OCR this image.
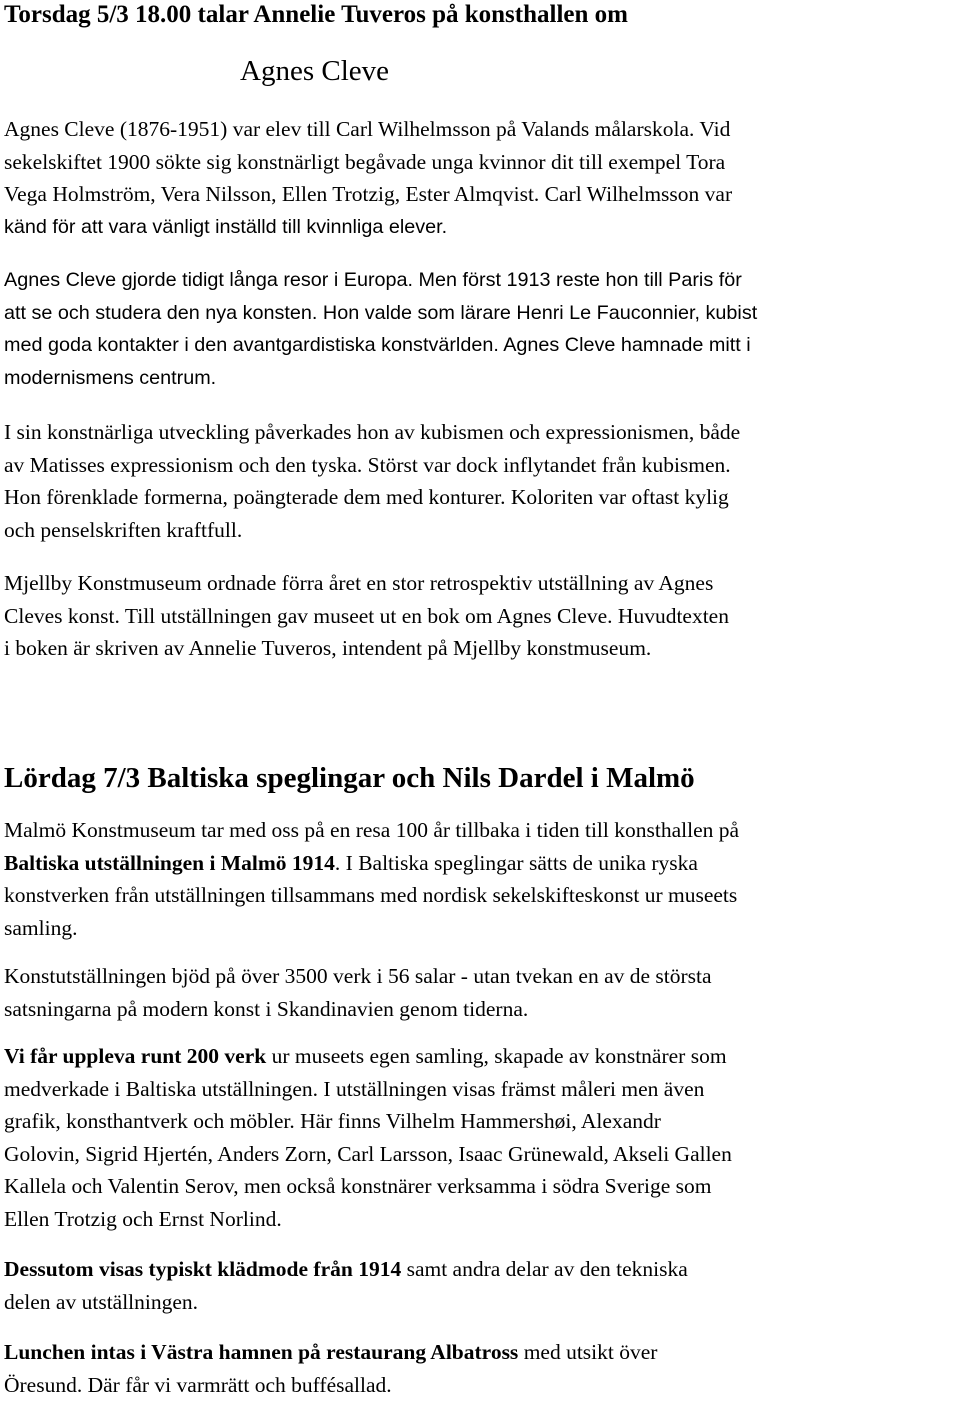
Torsdag 5/3 18.00 talar Annelie Tuveros på konsthallen om
Agnes Cleve

Agnes Cleve (1876-1951) var elev till Carl Wilhelmsson på Valands målarskola. Vid
sekelskiftet 1900 sökte sig konstnärligt begåvade unga kvinnor dit till exempel Tora
Vega Holmström, Vera Nilsson, Ellen Trotzig, Ester Almqvist. Carl Wilhelmsson var
känd för att vara vänligt inställd till kvinnliga elever.

Agnes Cleve gjorde tidigt långa resor i Europa. Men först 1913 reste hon till Paris för
att se och studera den nya konsten. Hon valde som lärare Henri Le Fauconnier, kubist
med goda kontakter i den avantgardistiska konstvärlden. Agnes Cleve hamnade mitt i
modernismens centrum.

I sin konstnärliga utveckling påverkades hon av kubismen och expressionismen, både
av Matisses expressionism och den tyska. Störst var dock inflytandet från kubismen.
Hon förenklade formerna, poängterade dem med konturer. Koloriten var oftast kylig
och penselskriften kraftfull.

Mjellby Konstmuseum ordnade förra året en stor retrospektiv utställning av Agnes
Cleves konst. Till utställningen gav museet ut en bok om Agnes Cleve. Huvudtexten
i boken är skriven av Annelie Tuveros, intendent på Mjellby konstmuseum.

Lördag 7/3 Baltiska speglingar och Nils Dardel i Malmö

Malmö Konstmuseum tar med oss på en resa 100 år tillbaka i tiden till konsthallen på
Baltiska utställningen i Malmö 1914. I Baltiska speglingar sätts de unika ryska
konstverken från utställningen tillsammans med nordisk sekelskifteskonst ur museets
samling.

Konstutställningen bjöd på över 3500 verk i 56 salar - utan tvekan en av de största
satsningarna på modern konst i Skandinavien genom tiderna.

Vi får uppleva runt 200 verk ur museets egen samling, skapade av konstnärer som
medverkade i Baltiska utställningen. I utställningen visas främst måleri men även
grafik, konsthantverk och möbler. Här finns Vilhelm Hammershøi, Alexandr
Golovin, Sigrid Hjertén, Anders Zorn, Carl Larsson, Isaac Grünewald, Akseli Gallen
Kallela och Valentin Serov, men också konstnärer verksamma i södra Sverige som
Ellen Trotzig och Ernst Norlind.

Dessutom visas typiskt klädmode från 1914 samt andra delar av den tekniska
delen av utställningen.

Lunchen intas i Västra hamnen på restaurang Albatross med utsikt över
Öresund. Där får vi varmrätt och buffésallad.
